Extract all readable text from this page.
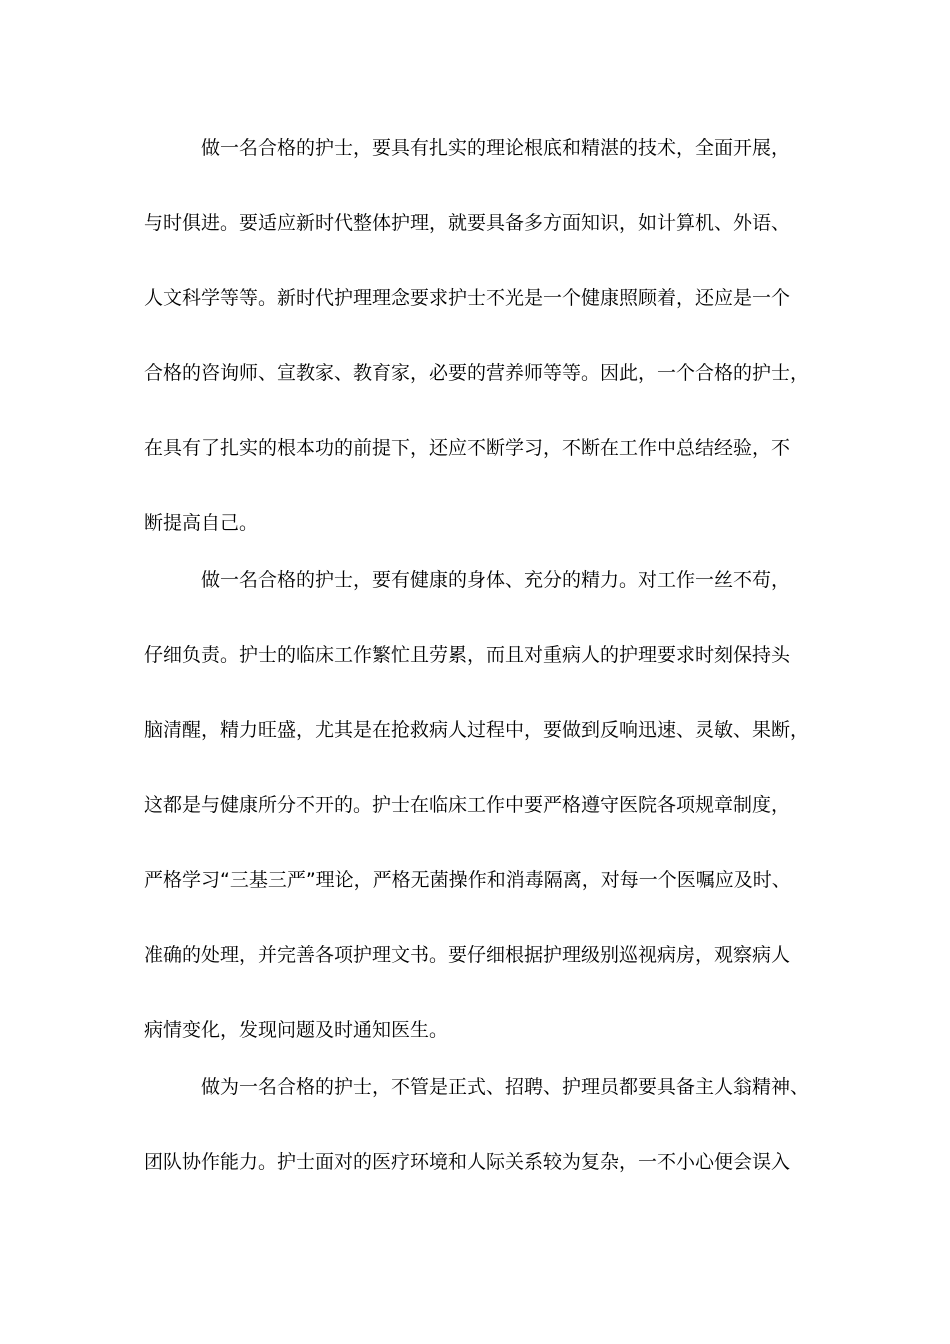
做一名合格的护士，要具有扎实的理论根底和精湛的技术，全面开展，
与时俱进。要适应新时代整体护理，就要具备多方面知识，如计算机、外语、
人文科学等等。新时代护理理念要求护士不光是一个健康照顾着，还应是一个
合格的咨询师、宣教家、教育家，必要的营养师等等。因此，一个合格的护士，
在具有了扎实的根本功的前提下，还应不断学习，不断在工作中总结经验，不
断提高自己。
做一名合格的护士，要有健康的身体、充分的精力。对工作一丝不苟，
仔细负责。护士的临床工作繁忙且劳累，而且对重病人的护理要求时刻保持头
脑清醒，精力旺盛，尤其是在抢救病人过程中，要做到反响迅速、灵敏、果断，
这都是与健康所分不开的。护士在临床工作中要严格遵守医院各项规章制度，
严格学习“三基三严”理论，严格无菌操作和消毒隔离，对每一个医嘱应及时、
准确的处理，并完善各项护理文书。要仔细根据护理级别巡视病房，观察病人
病情变化，发现问题及时通知医生。
做为一名合格的护士，不管是正式、招聘、护理员都要具备主人翁精神、
团队协作能力。护士面对的医疗环境和人际关系较为复杂，一不小心便会误入
